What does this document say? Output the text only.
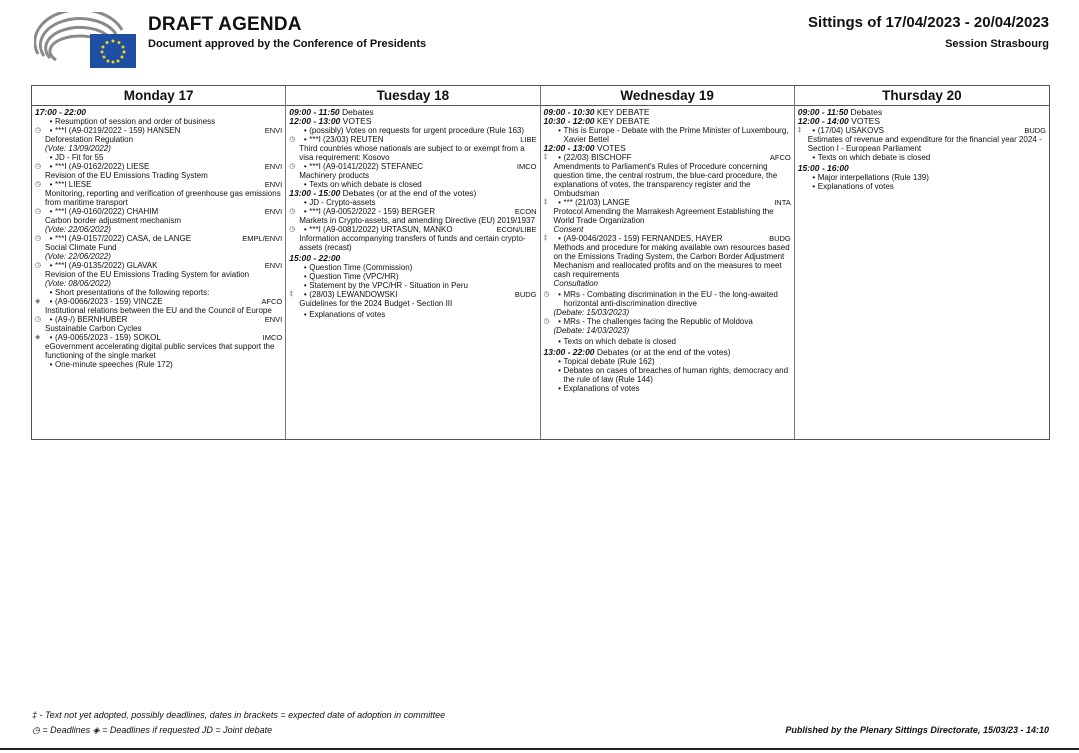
DRAFT AGENDA
Document approved by the Conference of Presidents
Sittings of 17/04/2023 - 20/04/2023
Session Strasbourg
Monday 17
17:00 - 22:00
• Resumption of session and order of business
◷	• ***I (A9-0219/2022 - 159) HANSEN	ENVI
Deforestation Regulation
(Vote: 13/09/2022)
• JD - Fit for 55
◷	• ***I (A9-0162/2022) LIESE	ENVI
Revision of the EU Emissions Trading System
◷	• ***I LIESE	ENVI
Monitoring, reporting and verification of greenhouse gas emissions from maritime transport
◷	• ***I (A9-0160/2022) CHAHIM	ENVI
Carbon border adjustment mechanism
(Vote: 22/06/2022)
◷	• ***I (A9-0157/2022) CASA, de LANGE	EMPL/ENVI
Social Climate Fund
(Vote: 22/06/2022)
◷	• ***I (A9-0135/2022) GLAVAK	ENVI
Revision of the EU Emissions Trading System for aviation
(Vote: 08/06/2022)
• Short presentations of the following reports:
◈	• (A9-0066/2023 - 159) VINCZE	AFCO
Institutional relations between the EU and the Council of Europe
◷	• (A9-/) BERNHUBER	ENVI
Sustainable Carbon Cycles
◈	• (A9-0065/2023 - 159) SOKOL	IMCO
eGovernment accelerating digital public services that support the functioning of the single market
• One-minute speeches (Rule 172)
Tuesday 18
09:00 - 11:50 Debates
12:00 - 13:00 VOTES
• (possibly) Votes on requests for urgent procedure (Rule 163)
◷	• ***I (23/03) REUTEN	LIBE
Third countries whose nationals are subject to or exempt from a visa requirement: Kosovo
◷	• ***I (A9-0141/2022) STEFANEC	IMCO
Machinery products
• Texts on which debate is closed
13:00 - 15:00 Debates (or at the end of the votes)
• JD - Crypto-assets
◷	• ***I (A9-0052/2022 - 159) BERGER	ECON
Markets in Crypto-assets, and amending Directive (EU) 2019/1937
◷	• ***I (A9-0081/2022) URTASUN, MANKO	ECON/LIBE
Information accompanying transfers of funds and certain crypto-assets (recast)
15:00 - 22:00
• Question Time (Commission)
• Question Time (VPC/HR)
• Statement by the VPC/HR - Situation in Peru
‡	• (28/03) LEWANDOWSKI	BUDG
Guidelines for the 2024 Budget - Section III
• Explanations of votes
Wednesday 19
09:00 - 10:30 KEY DEBATE
10:30 - 12:00 KEY DEBATE
• This is Europe - Debate with the Prime Minister of Luxembourg, Xavier Bettel
12:00 - 13:00 VOTES
‡	• (22/03) BISCHOFF	AFCO
Amendments to Parliament's Rules of Procedure concerning question time, the central rostrum, the blue-card procedure, the explanations of votes, the transparency register and the Ombudsman
‡	• *** (21/03) LANGE	INTA
Protocol Amending the Marrakesh Agreement Establishing the World Trade Organization
Consent
‡	• (A9-0046/2023 - 159) FERNANDES, HAYER	BUDG
Methods and procedure for making available own resources based on the Emissions Trading System, the Carbon Border Adjustment Mechanism and reallocated profits and on the measures to meet cash requirements
Consultation
◷	• MRs - Combating discrimination in the EU - the long-awaited horizontal anti-discrimination directive
(Debate: 15/03/2023)
◷	• MRs - The challenges facing the Republic of Moldova
(Debate: 14/03/2023)
• Texts on which debate is closed
13:00 - 22:00 Debates (or at the end of the votes)
• Topical debate (Rule 162)
• Debates on cases of breaches of human rights, democracy and the rule of law (Rule 144)
• Explanations of votes
Thursday 20
09:00 - 11:50 Debates
12:00 - 14:00 VOTES
‡	• (17/04) USAKOVS	BUDG
Estimates of revenue and expenditure for the financial year 2024 - Section I - European Parliament
• Texts on which debate is closed
15:00 - 16:00
• Major interpellations (Rule 139)
• Explanations of votes
‡ - Text not yet adopted, possibly deadlines, dates in brackets = expected date of adoption in committee
◷ = Deadlines ◈ = Deadlines if requested JD = Joint debate	Published by the Plenary Sittings Directorate, 15/03/23 - 14:10
